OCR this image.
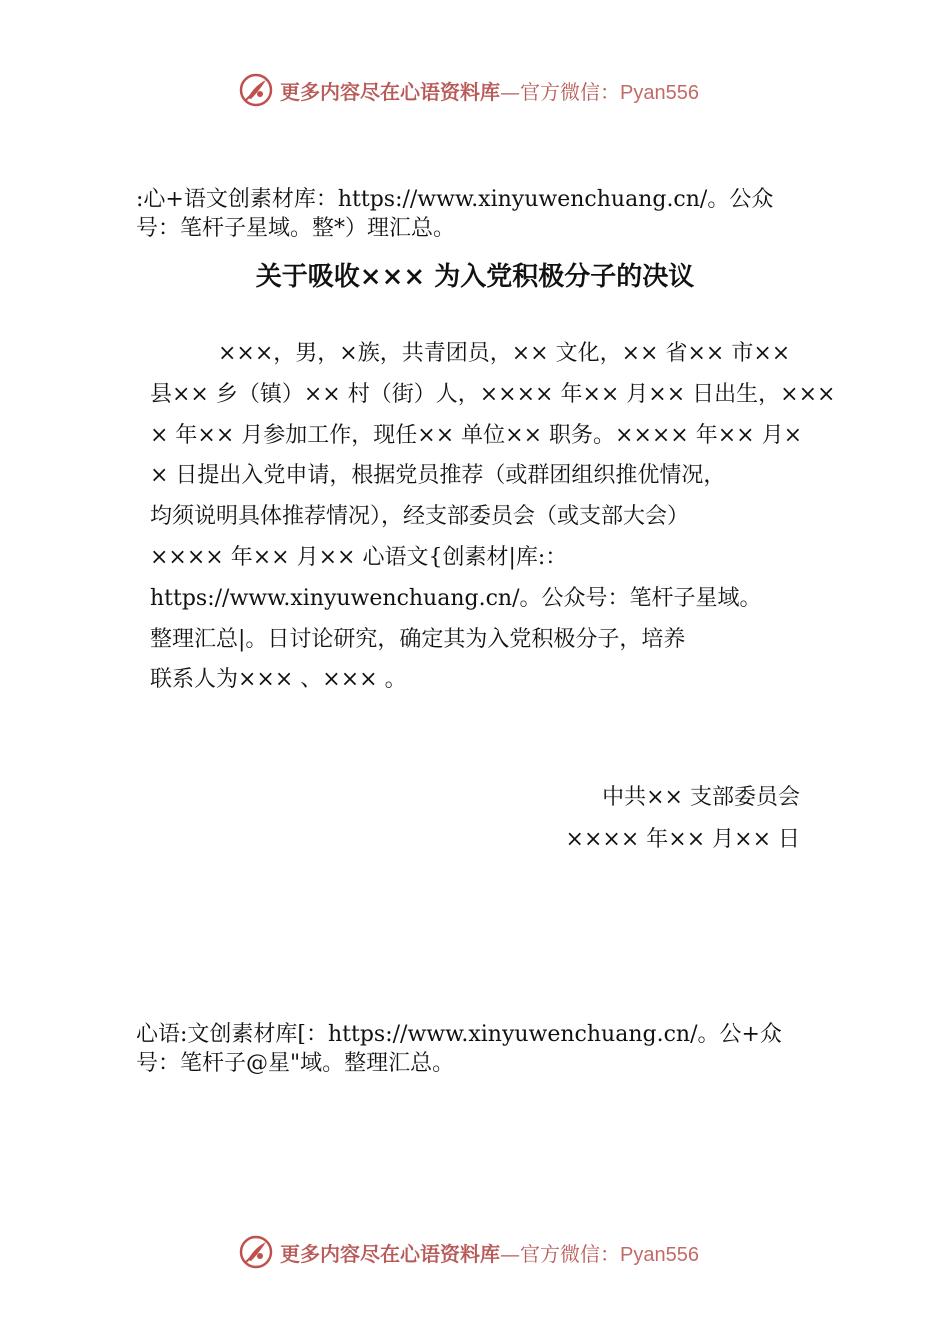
更多内容尽在心语资料库—官方微信：Pyan556
:心+语文创素材库：https://www.xinyuwenchuang.cn/。公众
号：笔杆子星域。整*）理汇总。
关于吸收××× 为入党积极分子的决议
×××，男，×族，共青团员，×× 文化，×× 省×× 市××
县×× 乡（镇）×× 村（街）人，×××× 年×× 月×× 日出生，×××
× 年×× 月参加工作，现任×× 单位×× 职务。×××× 年×× 月×
× 日提出入党申请，根据党员推荐（或群团组织推优情况，
均须说明具体推荐情况），经支部委员会（或支部大会）
×××× 年×× 月×× 心语文{创素材|库:：
https://www.xinyuwenchuang.cn/。公众号：笔杆子星域。
整理汇总|。日讨论研究，确定其为入党积极分子，培养
联系人为××× 、××× 。
中共×× 支部委员会
×××× 年×× 月×× 日
心语:文创素材库[：https://www.xinyuwenchuang.cn/。公+众
号：笔杆子@星"域。整理汇总。
更多内容尽在心语资料库—官方微信：Pyan556
